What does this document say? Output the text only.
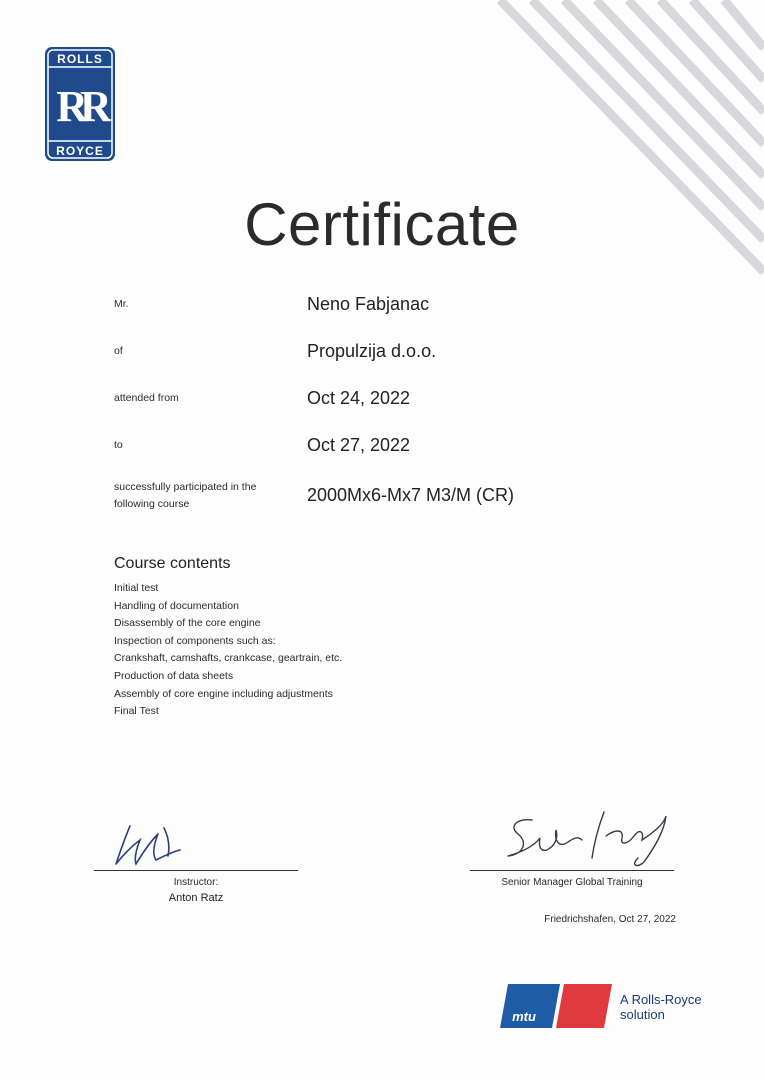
ROLLS
RR
ROYCE
Certificate
Mr.	Neno Fabjanac
of	Propulzija d.o.o.
attended from	Oct 24, 2022
to	Oct 27, 2022
successfully participated in the following course	2000Mx6-Mx7 M3/M (CR)
Course contents
Initial test
Handling of documentation
Disassembly of the core engine
Inspection of components such as:
Crankshaft, camshafts, crankcase, geartrain, etc.
Production of data sheets
Assembly of core engine including adjustments
Final Test
Instructor:
Anton Ratz
Senior Manager Global Training
Friedrichshafen, Oct 27, 2022
mtu
A Rolls-Royce
solution
